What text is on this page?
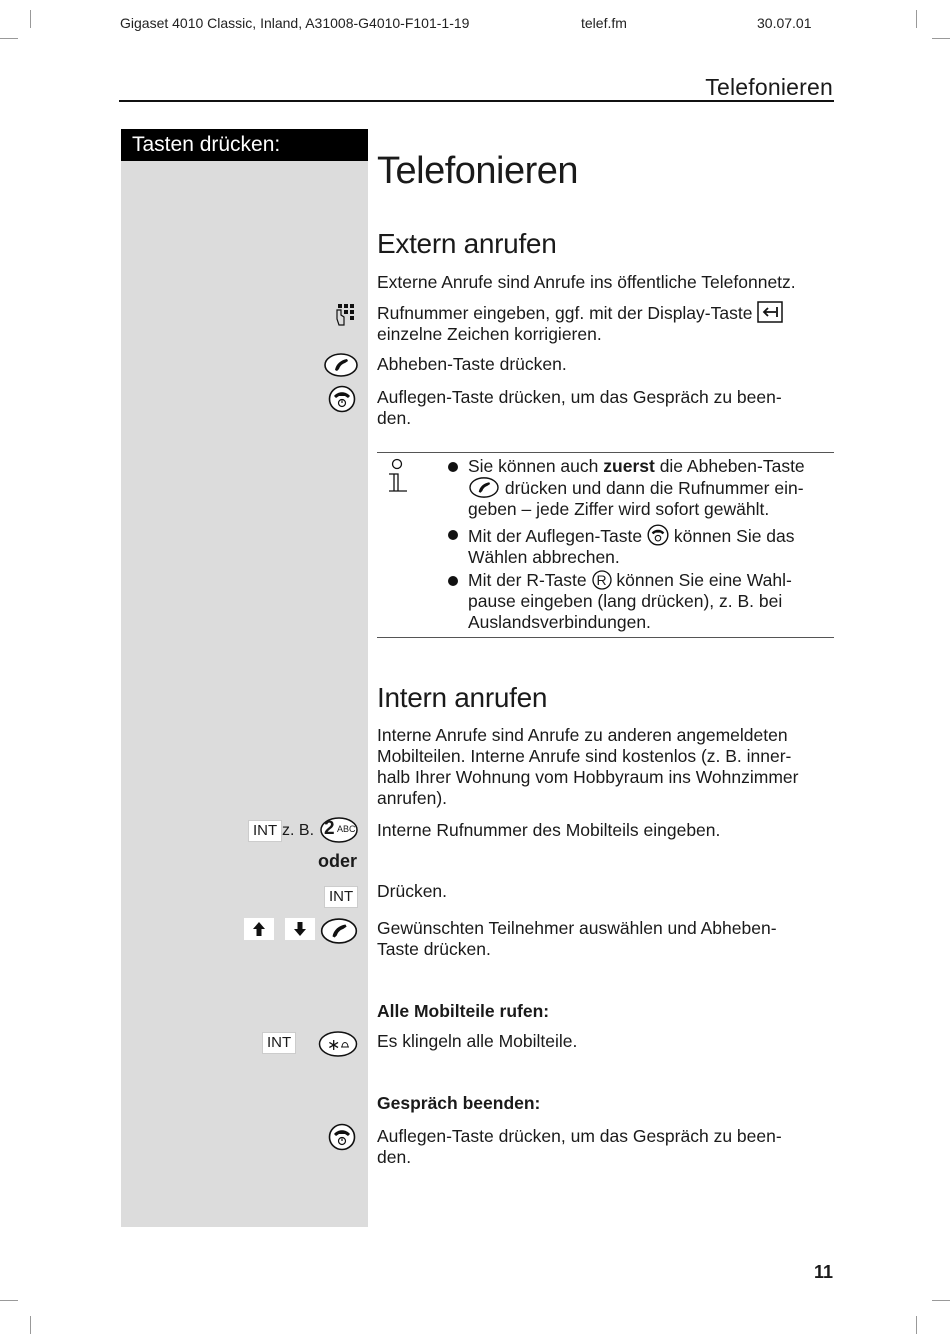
Gigaset 4010 Classic, Inland, A31008-G4010-F101-1-19	telef.fm	30.07.01
Telefonieren
Tasten drücken:
Telefonieren
Extern anrufen
Externe Anrufe sind Anrufe ins öffentliche Telefonnetz.
Rufnummer eingeben, ggf. mit der Display-Taste

einzelne Zeichen korrigieren.
Abheben-Taste drücken.
Auflegen-Taste drücken, um das Gespräch zu been-
den.
Sie können auch zuerst die Abheben-Taste

drücken und dann die Rufnummer ein-
geben – jede Ziffer wird sofort gewählt.
Mit der Auflegen-Taste können Sie das
Wählen abbrechen.
Mit der R-Taste R können Sie eine Wahl-
pause eingeben (lang drücken), z. B. bei
Auslandsverbindungen.
Intern anrufen
Interne Anrufe sind Anrufe zu anderen angemeldeten
Mobilteilen. Interne Anrufe sind kostenlos (z. B. inner-
halb Ihrer Wohnung vom Hobbyraum ins Wohnzimmer
anrufen).
INT z. B. 2 ABC Interne Rufnummer des Mobilteils eingeben.
oder
INT Drücken.
Gewünschten Teilnehmer auswählen und Abheben-
Taste drücken.
Alle Mobilteile rufen:
INT	∗ Es klingeln alle Mobilteile.
Gespräch beenden:
Auflegen-Taste drücken, um das Gespräch zu been-
den.
11
